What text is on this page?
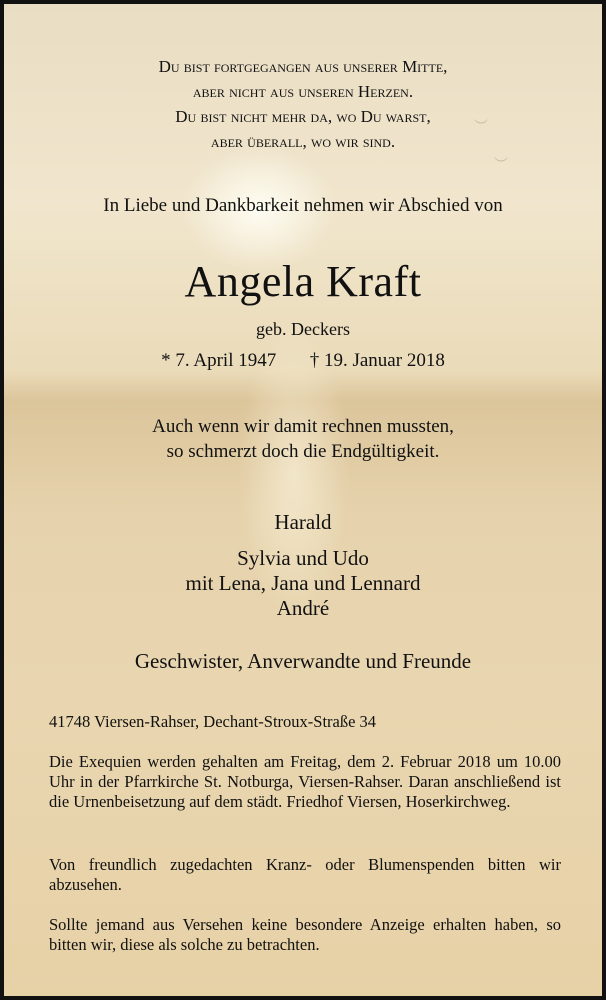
︶
︶
Du bist fortgegangen aus unserer Mitte,
aber nicht aus unseren Herzen.
Du bist nicht mehr da, wo Du warst,
aber überall, wo wir sind.
In Liebe und Dankbarkeit nehmen wir Abschied von
Angela Kraft
geb. Deckers
* 7. April 1947 † 19. Januar 2018
Auch wenn wir damit rechnen mussten,
so schmerzt doch die Endgültigkeit.
Harald
Sylvia und Udo
mit Lena, Jana und Lennard
André
Geschwister, Anverwandte und Freunde
41748 Viersen-Rahser, Dechant-Stroux-Straße 34
Die Exequien werden gehalten am Freitag, dem 2. Februar 2018 um 10.00 Uhr in der Pfarrkirche St. Notburga, Viersen-Rahser. Daran anschließend ist die Urnenbeisetzung auf dem städt. Friedhof Viersen, Hoserkirchweg.
Von freundlich zugedachten Kranz- oder Blumenspenden bitten wir abzusehen.
Sollte jemand aus Versehen keine besondere Anzeige erhalten haben, so bitten wir, diese als solche zu betrachten.
